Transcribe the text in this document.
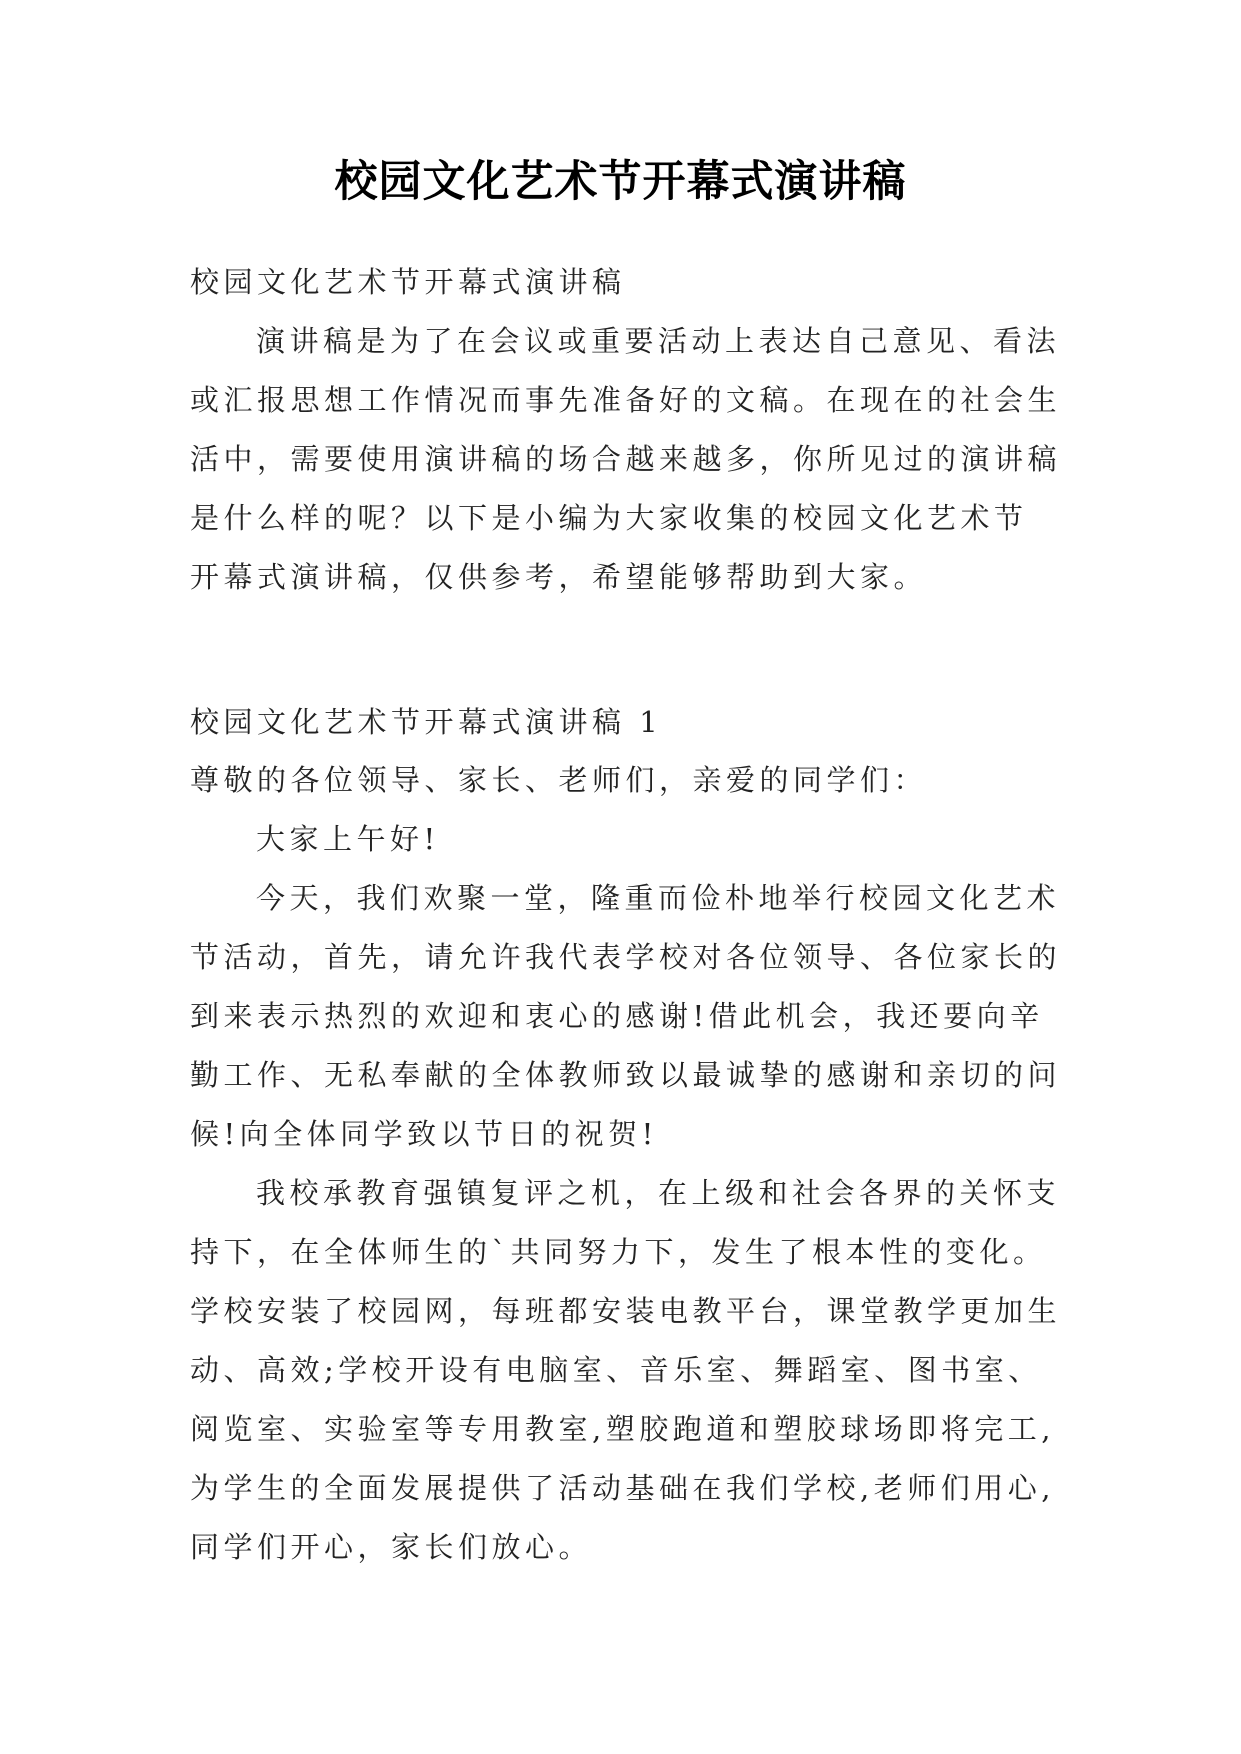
校园文化艺术节开幕式演讲稿
校园文化艺术节开幕式演讲稿
演讲稿是为了在会议或重要活动上表达自己意见、看法
或汇报思想工作情况而事先准备好的文稿。在现在的社会生
活中，需要使用演讲稿的场合越来越多，你所见过的演讲稿
是什么样的呢？以下是小编为大家收集的校园文化艺术节
开幕式演讲稿，仅供参考，希望能够帮助到大家。
校园文化艺术节开幕式演讲稿 1
尊敬的各位领导、家长、老师们，亲爱的同学们：
大家上午好!
今天，我们欢聚一堂，隆重而俭朴地举行校园文化艺术
节活动，首先，请允许我代表学校对各位领导、各位家长的
到来表示热烈的欢迎和衷心的感谢!借此机会，我还要向辛
勤工作、无私奉献的全体教师致以最诚挚的感谢和亲切的问
候!向全体同学致以节日的祝贺!
我校承教育强镇复评之机，在上级和社会各界的关怀支
持下，在全体师生的`共同努力下，发生了根本性的变化。
学校安装了校园网，每班都安装电教平台，课堂教学更加生
动、高效;学校开设有电脑室、音乐室、舞蹈室、图书室、
阅览室、实验室等专用教室,塑胶跑道和塑胶球场即将完工,
为学生的全面发展提供了活动基础在我们学校,老师们用心,
同学们开心，家长们放心。
